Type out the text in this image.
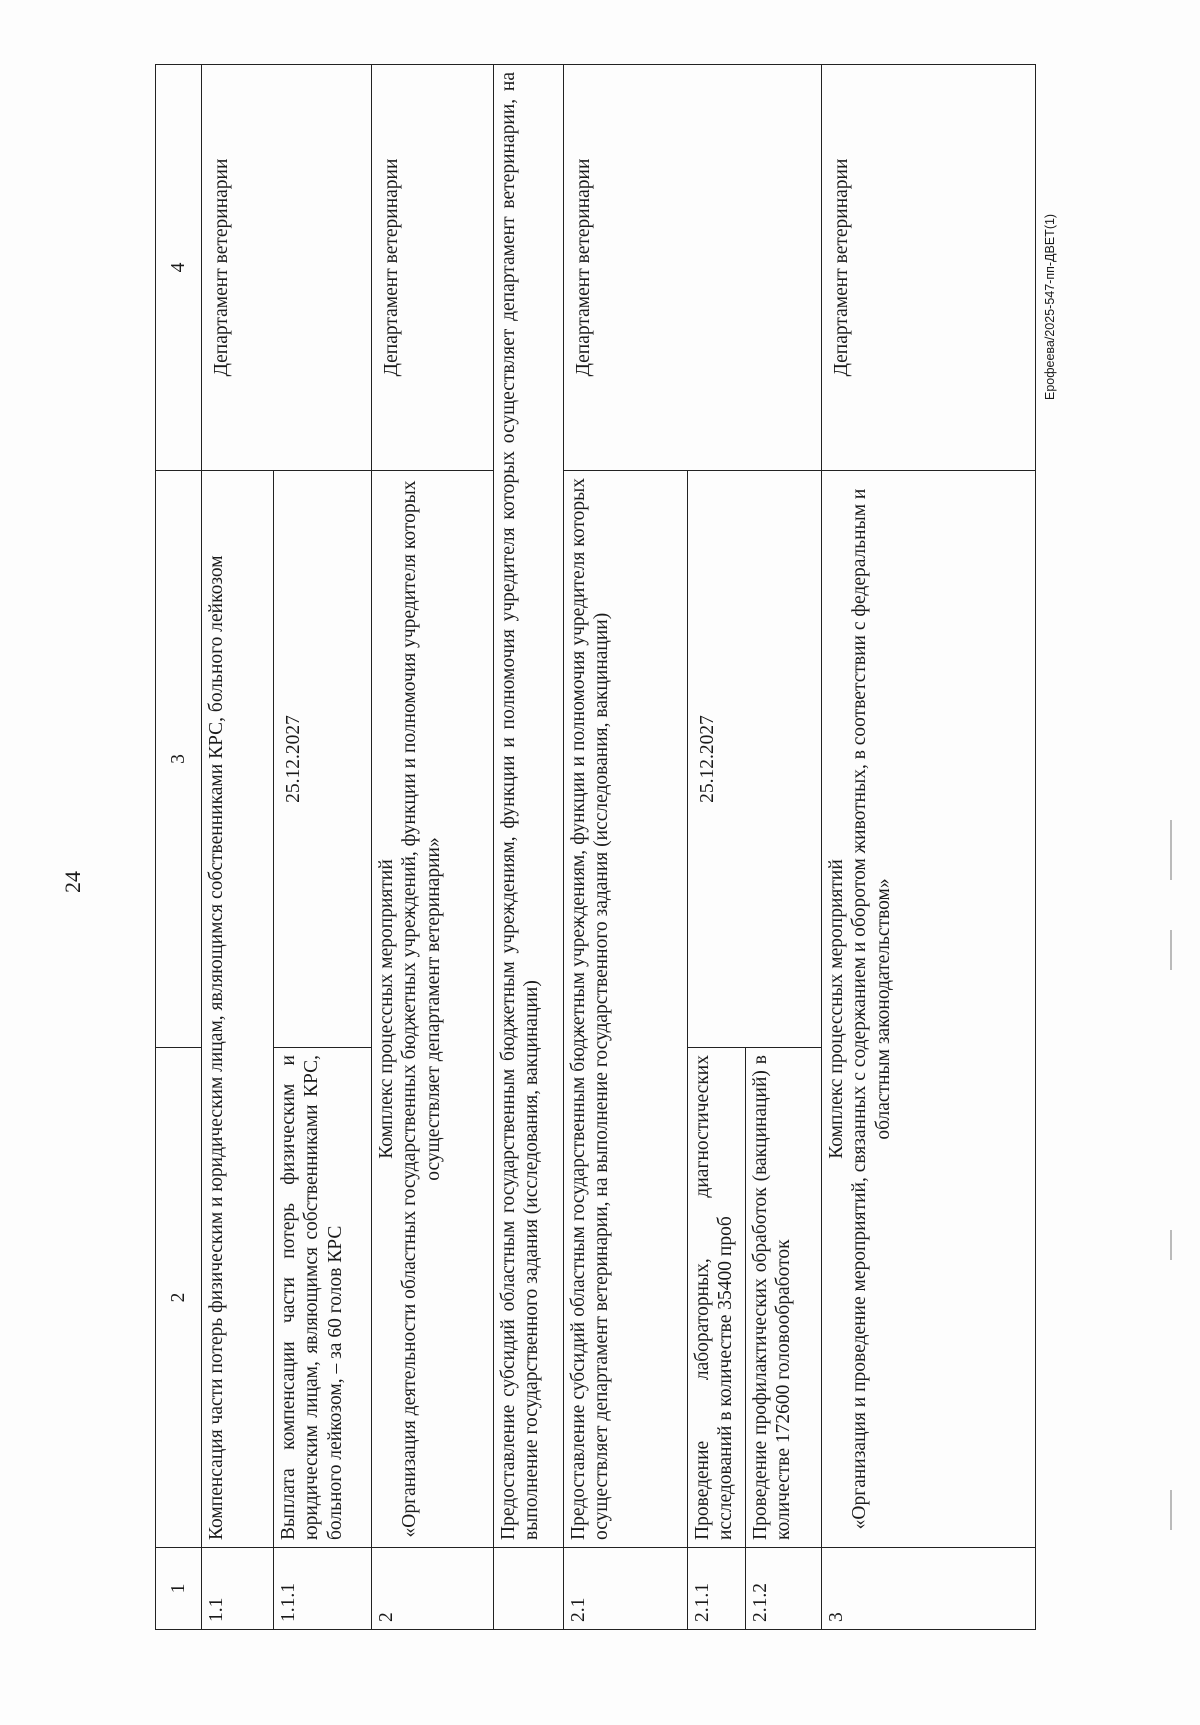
24
Ерофеева/2025-547-пп-ДВЕТ(1)
1	2	3	4
1.1	Компенсация части потерь физическим и юридическим лицам, являющимся собственниками КРС, больного лейкозом		Департамент ветеринарии
1.1.1	Выплата компенсации части потерь физическим и юридическим лицам, являющимся собственниками КРС, больного лейкозом, – за 60 голов КРС	25.12.2027	
2	Комплекс процессных мероприятий «Организация деятельности областных государственных бюджетных учреждений, функции и полномочия учредителя которых осуществляет департамент ветеринарии»		Департамент ветеринарии
	Предоставление субсидий областным государственным бюджетным учреждениям, функции и полномочия учредителя которых осуществляет департамент ветеринарии, на выполнение государственного задания (исследования, вакцинации)		
2.1	Предоставление субсидий областным государственным бюджетным учреждениям, функции и полномочия учредителя которых осуществляет департамент ветеринарии, на выполнение государственного задания (исследования, вакцинации)		Департамент ветеринарии
2.1.1	Проведение лабораторных, диагностических исследований в количестве 35400 проб	25.12.2027	
2.1.2	Проведение профилактических обработок (вакцинаций) в количестве 172600 головообработок		
3	Комплекс процессных мероприятий «Организация и проведение мероприятий, связанных с содержанием и оборотом животных, в соответствии с федеральным и областным законодательством»		Департамент ветеринарии
